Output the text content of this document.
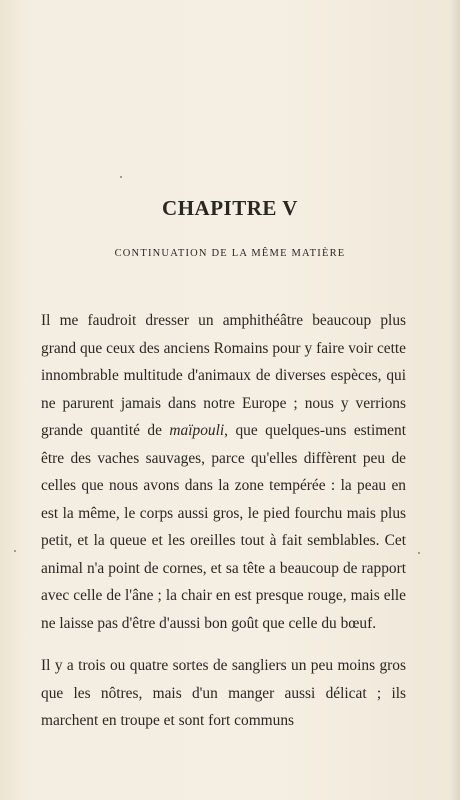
CHAPITRE V
CONTINUATION DE LA MÊME MATIÈRE

Il me faudroit dresser un amphithéâtre beaucoup plus grand que ceux des anciens Romains pour y faire voir cette innombrable multitude d'animaux de diverses espèces, qui ne parurent jamais dans notre Europe ; nous y verrions grande quantité de maïpouli, que quelques-uns estiment être des vaches sauvages, parce qu'elles diffèrent peu de celles que nous avons dans la zone tempérée : la peau en est la même, le corps aussi gros, le pied fourchu mais plus petit, et la queue et les oreilles tout à fait semblables. Cet animal n'a point de cornes, et sa tête a beaucoup de rapport avec celle de l'âne ; la chair en est presque rouge, mais elle ne laisse pas d'être d'aussi bon goût que celle du bœuf.

Il y a trois ou quatre sortes de sangliers un peu moins gros que les nôtres, mais d'un manger aussi délicat ; ils marchent en troupe et sont fort communs
